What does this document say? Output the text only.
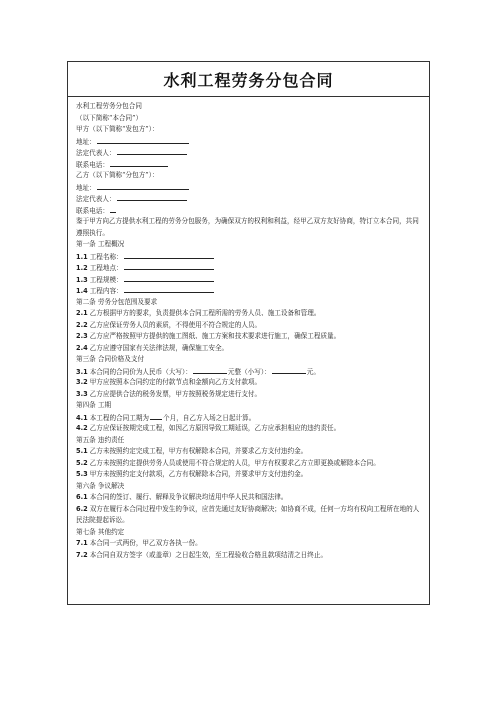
水利工程劳务分包合同
水利工程劳务分包合同
（以下简称“本合同”）
甲方（以下简称“发包方”）：
地址：
法定代表人：
联系电话：
乙方（以下简称“分包方”）：
地址：
法定代表人：
联系电话：
鉴于甲方向乙方提供水利工程的劳务分包服务，为确保双方的权利和利益，经甲乙双方友好协商，特订立本合同，共同遵照执行。
第一条 工程概况
1.1 工程名称：
1.2 工程地点：
1.3 工程规模：
1.4 工程内容：
第二条 劳务分包范围及要求
2.1 乙方根据甲方的要求，负责提供本合同工程所需的劳务人员、施工设备和管理。
2.2 乙方应保证劳务人员的素质，不得使用不符合规定的人员。
2.3 乙方应严格按照甲方提供的施工图纸、施工方案和技术要求进行施工，确保工程质量。
2.4 乙方应遵守国家有关法律法规，确保施工安全。
第三条 合同价格及支付
3.1 本合同的合同价为人民币（大写）：	元整（小写）：	元。
3.2 甲方应按照本合同约定的付款节点和金额向乙方支付款项。
3.3 乙方应提供合法的税务发票，甲方按照税务规定进行支付。
第四条 工期
4.1 本工程的合同工期为 个月，自乙方入场之日起计算。
4.2 乙方应保证按期完成工程，如因乙方原因导致工期延误，乙方应承担相应的违约责任。
第五条 违约责任
5.1 乙方未按照约定完成工程，甲方有权解除本合同，并要求乙方支付违约金。
5.2 乙方未按照约定提供劳务人员或使用不符合规定的人员，甲方有权要求乙方立即更换或解除本合同。
5.3 甲方未按照约定支付款项，乙方有权解除本合同，并要求甲方支付违约金。
第六条 争议解决
6.1 本合同的签订、履行、解释及争议解决均适用中华人民共和国法律。
6.2 双方在履行本合同过程中发生的争议，应首先通过友好协商解决；如协商不成，任何一方均有权向工程所在地的人民法院提起诉讼。
第七条 其他约定
7.1 本合同一式两份，甲乙双方各执一份。
7.2 本合同自双方签字（或盖章）之日起生效，至工程验收合格且款项结清之日终止。
